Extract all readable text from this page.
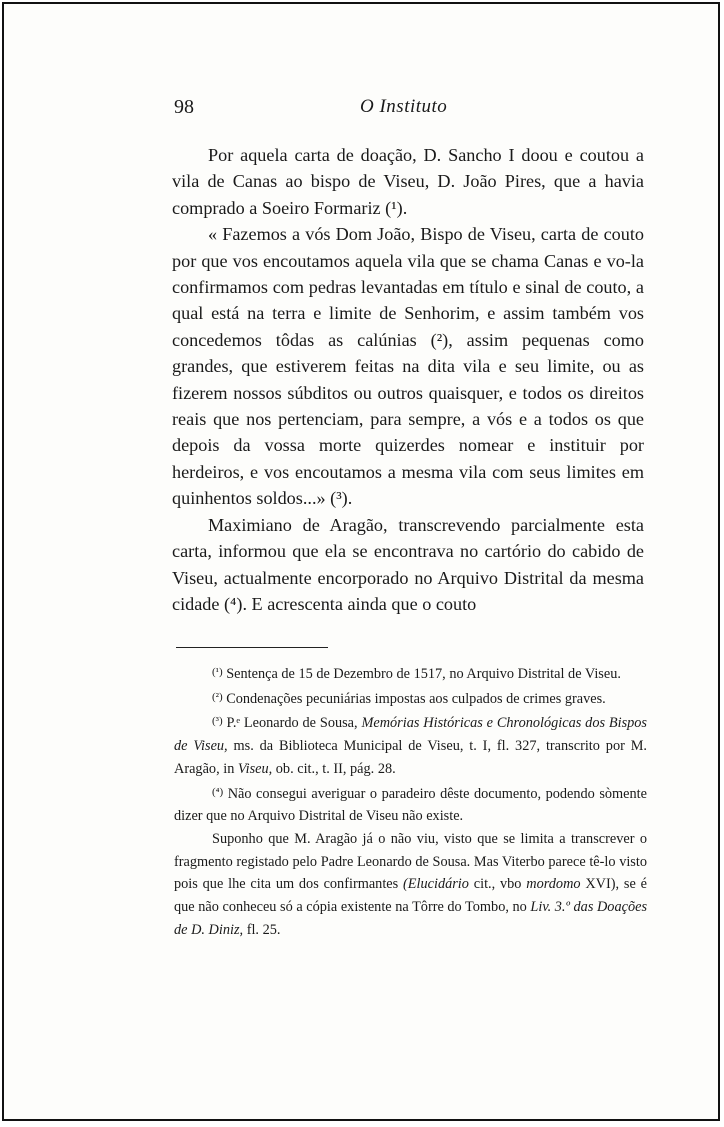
98	O Instituto

Por aquela carta de doação, D. Sancho I doou e coutou a vila de Canas ao bispo de Viseu, D. João Pires, que a havia comprado a Soeiro Formariz (¹).

« Fazemos a vós Dom João, Bispo de Viseu, carta de couto por que vos encoutamos aquela vila que se chama Canas e vo-la confirmamos com pedras levantadas em título e sinal de couto, a qual está na terra e limite de Senhorim, e assim também vos concedemos tôdas as calúnias (²), assim pequenas como grandes, que estiverem feitas na dita vila e seu limite, ou as fizerem nossos súbditos ou outros quaisquer, e todos os direitos reais que nos pertenciam, para sempre, a vós e a todos os que depois da vossa morte quizerdes nomear e instituir por herdeiros, e vos encoutamos a mesma vila com seus limites em quinhentos soldos...» (³).

Maximiano de Aragão, transcrevendo parcialmente esta carta, informou que ela se encontrava no cartório do cabido de Viseu, actualmente encorporado no Arquivo Distrital da mesma cidade (⁴). E acrescenta ainda que o couto

$^{(^1)}$ Sentença de 15 de Dezembro de 1517, no Arquivo Distrital de Viseu.

$^{(^2)}$ Condenações pecuniárias impostas aos culpados de crimes graves.

$^{(^3)}$ P.ᵉ Leonardo de Sousa, Memórias Históricas e Chronológicas dos Bispos de Viseu, ms. da Biblioteca Municipal de Viseu, t. I, fl. 327, transcrito por M. Aragão, in Viseu, ob. cit., t. II, pág. 28.

$^{(^4)}$ Não consegui averiguar o paradeiro dêste documento, podendo sòmente dizer que no Arquivo Distrital de Viseu não existe.

Suponho que M. Aragão já o não viu, visto que se limita a transcrever o fragmento registado pelo Padre Leonardo de Sousa. Mas Viterbo parece tê-lo visto pois que lhe cita um dos confirmantes (Elucidário cit., vbo mordomo XVI), se é que não conheceu só a cópia existente na Tôrre do Tombo, no Liv. 3.º das Doações de D. Diniz, fl. 25.
